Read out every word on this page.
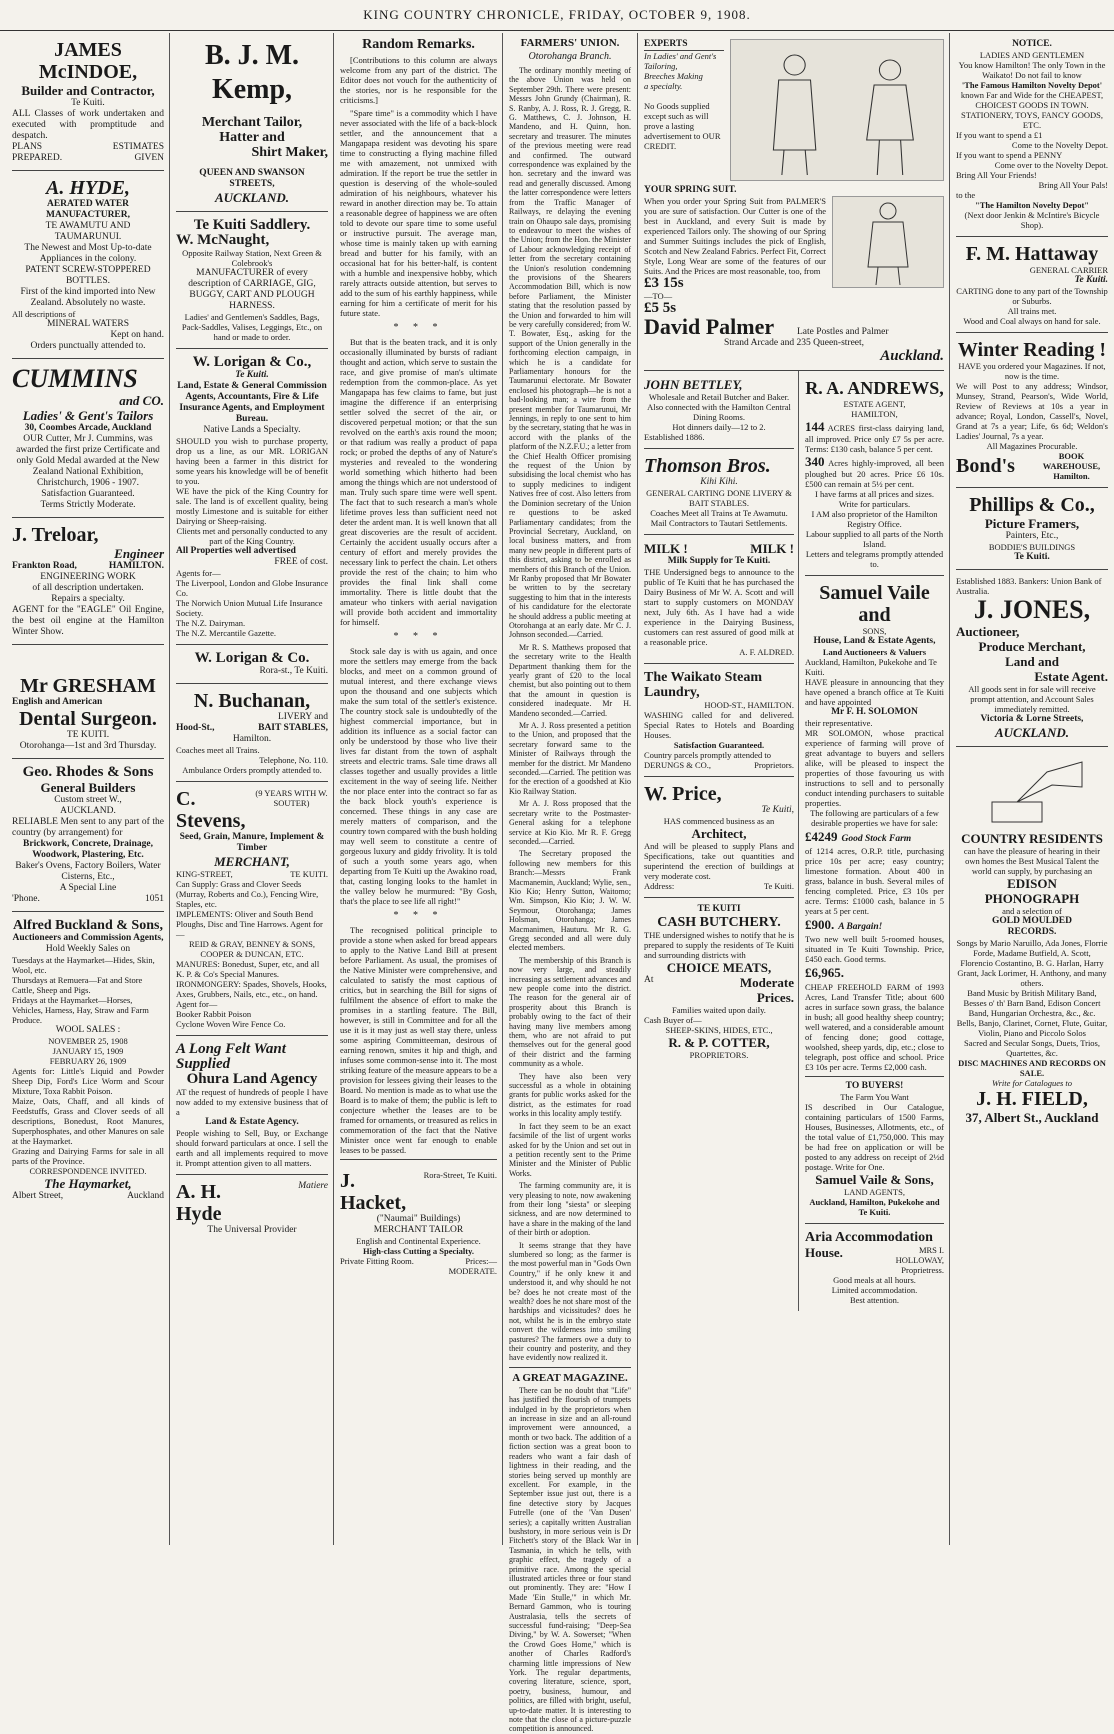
KING COUNTRY CHRONICLE, FRIDAY, OCTOBER 9, 1908.
JAMES McINDOE,
Builder and Contractor,
Te Kuiti.
ALL Classes of work undertaken and executed with promptitude and despatch.
PLANS PREPARED.
ESTIMATES GIVEN
A. HYDE,
AERATED WATER MANUFACTURER,
TE AWAMUTU AND TAUMARUNUI.
The Newest and Most Up-to-date Appliances in the colony.
PATENT SCREW-STOPPERED BOTTLES.
First of the kind imported into New Zealand. Absolutely no waste.
All descriptions of
MINERAL WATERS
Kept on hand.
Orders punctually attended to.
CUMMINS
and CO.
Ladies' & Gent's Tailors
30, Coombes Arcade, Auckland
OUR Cutter, Mr J. Cummins, was awarded the first prize Certificate and only Gold Medal awarded at the New Zealand National Exhibition, Christchurch, 1906 - 1907.
Satisfaction Guaranteed.
Terms Strictly Moderate.
J. Treloar,
Engineer
Frankton Road,	HAMILTON.
ENGINEERING WORK
of all description undertaken.
Repairs a specialty.
AGENT for the "EAGLE" Oil Engine, the best oil engine at the Hamilton Winter Show.
Mr GRESHAM
English and American
Dental Surgeon.
TE KUITI.
Otorohanga—1st and 3rd Thursday.
Geo. Rhodes & Sons
General Builders
Custom street W.,
AUCKLAND.
RELIABLE Men sent to any part of the country (by arrangement) for
Brickwork, Concrete, Drainage, Woodwork, Plastering, Etc.
Baker's Ovens, Factory Boilers, Water Cisterns, Etc.,
A Special Line
'Phone.	1051
Alfred Buckland & Sons,
Auctioneers and Commission Agents,
Hold Weekly Sales on
Tuesdays at the Haymarket—Hides, Skin, Wool, etc.
Thursdays at Remuera—Fat and Store Cattle, Sheep and Pigs.
Fridays at the Haymarket—Horses, Vehicles, Harness, Hay, Straw and Farm Produce.
WOOL SALES :
NOVEMBER 25, 1908
JANUARY 15, 1909
FEBRUARY 26, 1909
Agents for: Little's Liquid and Powder Sheep Dip, Ford's Lice Worm and Scour Mixture, Toxa Rabbit Poison.
Maize, Oats, Chaff, and all kinds of Feedstuffs, Grass and Clover seeds of all descriptions, Bonedust, Root Manures, Superphosphates, and other Manures on sale at the Haymarket.
Grazing and Dairying Farms for sale in all parts of the Province.
CORRESPONDENCE INVITED.
The Haymarket,
Albert Street,	Auckland
B. J. M. Kemp,
Merchant Tailor,
Hatter and
Shirt Maker,
QUEEN AND SWANSON STREETS,
AUCKLAND.
Te Kuiti Saddlery.
W. McNaught,
Opposite Railway Station, Next Green & Colebrook's
MANUFACTURER of every description of CARRIAGE, GIG, BUGGY, CART AND PLOUGH HARNESS.
Ladies' and Gentlemen's Saddles, Bags, Pack-Saddles, Valises, Leggings, Etc., on hand or made to order.
W. Lorigan & Co.,
Te Kuiti.
Land, Estate & General Commission Agents, Accountants, Fire & Life Insurance Agents, and Employment Bureau.
Native Lands a Specialty.
SHOULD you wish to purchase property, drop us a line, as our MR. LORIGAN having been a farmer in this district for some years his knowledge will be of benefit to you.
WE have the pick of the King Country for sale. The land is of excellent quality, being mostly Limestone and is suitable for either Dairying or Sheep-raising.
Clients met and personally conducted to any part of the King Country.
All Properties well advertised
FREE of cost.
Agents for—
The Liverpool, London and Globe Insurance Co.
The Norwich Union Mutual Life Insurance Society.
The N.Z. Dairyman.
The N.Z. Mercantile Gazette.
W. Lorigan & Co.
Rora-st., Te Kuiti.
N. Buchanan,
LIVERY and
Hood-St.,	BAIT STABLES,
Hamilton.
Coaches meet all Trains.
Telephone, No. 110.
Ambulance Orders promptly attended to.
C. Stevens,
(9 YEARS WITH W. SOUTER)
Seed, Grain, Manure, Implement & Timber
MERCHANT,
KING-STREET,	TE KUITI.
Can Supply: Grass and Clover Seeds (Murray, Roberts and Co.), Fencing Wire, Staples, etc.
IMPLEMENTS: Oliver and South Bend Ploughs, Disc and Tine Harrows. Agent for—
REID & GRAY, BENNEY & SONS, COOPER & DUNCAN, ETC.
MANURES: Bonedust, Super, etc, and all K. P. & Co's Special Manures.
IRONMONGERY: Spades, Shovels, Hooks, Axes, Grubbers, Nails, etc., etc., on hand.
Agent for—
Booker Rabbit Poison
Cyclone Woven Wire Fence Co.
A Long Felt Want
Supplied
Ohura Land Agency
AT the request of hundreds of people I have now added to my extensive business that of a
Land & Estate Agency.
People wishing to Sell, Buy, or Exchange should forward particulars at once. I sell the earth and all implements required to move it. Prompt attention given to all matters.
A. H. Hyde
Matiere
The Universal Provider
Random Remarks.
[Contributions to this column are always welcome from any part of the district. The Editor does not vouch for the authenticity of the stories, nor is he responsible for the criticisms.]
"Spare time" is a commodity which I have never associated with the life of a back-block settler, and the announcement that a Mangapapa resident was devoting his spare time to constructing a flying machine filled me with amazement, not unmixed with admiration. If the report be true the settler in question is deserving of the whole-souled admiration of his neighbours, whatever his reward in another direction may be. To attain a reasonable degree of happiness we are often told to devote our spare time to some useful or instructive pursuit. The average man, whose time is mainly taken up with earning bread and butter for his family, with an occasional hat for his better-half, is content with a humble and inexpensive hobby, which rarely attracts outside attention, but serves to add to the sum of his earthly happiness, while earning for him a certificate of merit for his future state.
* * *
But that is the beaten track, and it is only occasionally illuminated by bursts of radiant thought and action, which serve to sustain the race, and give promise of man's ultimate redemption from the common-place. As yet Mangapapa has few claims to fame, but just imagine the difference if an enterprising settler solved the secret of the air, or discovered perpetual motion; or that the sun revolved on the earth's axis round the moon; or that radium was really a product of papa rock; or probed the depths of any of Nature's mysteries and revealed to the wondering world something which hitherto had been among the things which are not understood of man. Truly such spare time were well spent. The fact that to such research a man's whole lifetime proves less than sufficient need not deter the ardent man. It is well known that all great discoveries are the result of accident. Certainly the accident usually occurs after a century of effort and merely provides the necessary link to perfect the chain. Let others provide the rest of the chain; to him who provides the final link shall come immortality. There is little doubt that the amateur who tinkers with aerial navigation will provide both accident and immortality for himself.
* * *
Stock sale day is with us again, and once more the settlers may emerge from the back blocks, and meet on a common ground of mutual interest, and there exchange views upon the thousand and one subjects which make the sum total of the settler's existence. The country stock sale is undoubtedly of the highest commercial importance, but in addition its influence as a social factor can only be understood by those who live their lives far distant from the town of asphalt streets and electric trams. Sale time draws all classes together and usually provides a little excitement in the way of seeing life. Neither the nor place enter into the contract so far as the back block youth's experience is concerned. These things in any case are merely matters of comparison, and the country town compared with the bush holding may well seem to constitute a centre of gorgeous luxury and giddy frivolity. It is told of such a youth some years ago, when departing from Te Kuiti up the Awakino road, that, casting longing looks to the hamlet in the valley below he murmured: "By Gosh, that's the place to see life all right!"
* * *
The recognised political principle to provide a stone when asked for bread appears to apply to the Native Land Bill at present before Parliament. As usual, the promises of the Native Minister were comprehensive, and calculated to satisfy the most captious of critics, but in searching the Bill for signs of fulfilment the absence of effort to make the promises in a startling feature. The Bill, however, is still in Committee and for all the use it is it may just as well stay there, unless some aspiring Committeeman, desirous of earning renown, smites it hip and thigh, and infuses some common-sense into it. The most striking feature of the measure appears to be a provision for lessees giving their leases to the Board. No mention is made as to what use the Board is to make of them; the public is left to conjecture whether the leases are to be framed for ornaments, or treasured as relics in commemoration of the fact that the Native Minister once went far enough to enable leases to be passed.
J. Hacket,
Rora-Street, Te Kuiti.
("Naumai" Buildings)
MERCHANT TAILOR
English and Continental Experience.
High-class Cutting a Specialty.
Private Fitting Room.	Prices:—MODERATE.
FARMERS' UNION.
Otorohanga Branch.
The ordinary monthly meeting of the above Union was held on September 29th. There were present: Messrs John Grundy (Chairman), R. S. Ranby, A. J. Ross, R. J. Gregg, R. G. Matthews, C. J. Johnson, H. Mandeno, and H. Quinn, hon. secretary and treasurer. The minutes of the previous meeting were read and confirmed. The outward correspondence was explained by the hon. secretary and the inward was read and generally discussed. Among the latter correspondence were letters from the Traffic Manager of Railways, re delaying the evening train on Ohaupo sale days, promising to endeavour to meet the wishes of the Union; from the Hon. the Minister of Labour acknowledging receipt of letter from the secretary containing the Union's resolution condemning the provisions of the Shearers Accommodation Bill, which is now before Parliament, the Minister stating that the resolution passed by the Union and forwarded to him will be very carefully considered; from W. T. Bowater, Esq., asking for the support of the Union generally in the forthcoming election campaign, in which he is a candidate for Parliamentary honours for the Taumarunui electorate. Mr Bowater enclosed his photograph—he is not a bad-looking man; a wire from the present member for Taumarunui, Mr Jennings, in reply to one sent to him by the secretary, stating that he was in accord with the planks of the platform of the N.Z.F.U.; a letter from the Chief Health Officer promising the request of the Union by subsidising the local chemist who has to supply medicines to indigent Natives free of cost. Also letters from the Dominion secretary of the Union re questions to be asked Parliamentary candidates; from the Provincial Secretary, Auckland, on local business matters, and from many new people in different parts of this district, asking to be enrolled as members of this Branch of the Union. Mr Ranby proposed that Mr Bowater be written to by the secretary suggesting to him that in the interests of his candidature for the electorate he should address a public meeting at Otorohanga at an early date. Mr C. J. Johnson seconded.—Carried.
Mr R. S. Matthews proposed that the secretary write to the Health Department thanking them for the yearly grant of £20 to the local chemist, but also pointing out to them that the amount in question is considered inadequate. Mr H. Mandeno seconded.—Carried.
Mr A. J. Ross presented a petition to the Union, and proposed that the secretary forward same to the Minister of Railways through the member for the district. Mr Mandeno seconded.—Carried. The petition was for the erection of a goodshed at Kio Kio Railway Station.
Mr A. J. Ross proposed that the secretary write to the Postmaster-General asking for a telephone service at Kio Kio. Mr R. F. Gregg seconded.—Carried.
The Secretary proposed the following new members for this Branch:—Messrs Frank Macmanemin, Auckland; Wylie, sen., Kio Kio; Henry Sutton, Waitomo; Wm. Simpson, Kio Kio; J. W. W. Seymour, Otorohanga; James Holsman, Otorohanga; James Macmanimen, Hauturu. Mr R. G. Gregg seconded and all were duly elected members.
The membership of this Branch is now very large, and steadily increasing as settlement advances and new people come into the district. The reason for the general air of prosperity about this Branch is probably owing to the fact of their having many live members among them, who are not afraid to put themselves out for the general good of their district and the farming community as a whole.
They have also been very successful as a whole in obtaining grants for public works asked for the district, as the estimates for road works in this locality amply testify.
In fact they seem to be an exact facsimile of the list of urgent works asked for by the Union and set out in a petition recently sent to the Prime Minister and the Minister of Public Works.
The farming community are, it is very pleasing to note, now awakening from their long "siesta" or sleeping sickness, and are now determined to have a share in the making of the land of their birth or adoption.
It seems strange that they have slumbered so long; as the farmer is the most powerful man in "Gods Own Country," if he only knew it and understood it, and why should he not be? does he not create most of the wealth? does he not share most of the hardships and vicissitudes? does he not, whilst he is in the embryo state convert the wilderness into smiling pastures? The farmers owe a duty to their country and posterity, and they have evidently now realized it.
A GREAT MAGAZINE.
There can be no doubt that "Life" has justified the flourish of trumpets indulged in by the proprietors when an increase in size and an all-round improvement were announced, a month or two back. The addition of a fiction section was a great boon to readers who want a fair dash of lightness in their reading, and the stories being served up monthly are excellent. For example, in the September issue just out, there is a fine detective story by Jacques Futrelle (one of the 'Van Dusen' series); a capitally written Australian bushstory, in more serious vein is Dr Fitchett's story of the Black War in Tasmania, in which he tells, with graphic effect, the tragedy of a primitive race. Among the special illustrated articles three or four stand out prominently. They are: "How I Made 'Ein Stulle,'" in which Mr. Bernard Gammon, who is touring Australasia, tells the secrets of successful fund-raising; "Deep-Sea Diving," by W. A. Sowerset; "When the Crowd Goes Home," which is another of Charles Radford's charming little impressions of New York. The regular departments, covering literature, science, sport, poetry, business, humour, and politics, are filled with bright, useful, up-to-date matter. It is interesting to note that the close of a picture-puzzle competition is announced.
EXPERTS
In Ladies' and Gent's
Tailoring,
Breeches Making
a specialty.
No Goods supplied except such as will prove a lasting advertisement to OUR CREDIT.
YOUR SPRING SUIT.
When you order your Spring Suit from PALMER'S you are sure of satisfaction. Our Cutter is one of the best in Auckland, and every Suit is made by experienced Tailors only. The showing of our Spring and Summer Suitings includes the pick of English, Scotch and New Zealand Fabrics. Perfect Fit, Correct Style, Long Wear are some of the features of our Suits. And the Prices are most reasonable, too, from
£3 15s
—TO—
£5 5s
David Palmer	Late Postles and Palmer
Strand Arcade and 235 Queen-street,
Auckland.
JOHN BETTLEY,
Wholesale and Retail Butcher and Baker.
Also connected with the Hamilton Central Dining Rooms.
Hot dinners daily—12 to 2.
Established 1886.
Thomson Bros.
Kihi Kihi.
GENERAL CARTING DONE LIVERY & BAIT STABLES.
Coaches Meet all Trains at Te Awamutu.
Mail Contractors to Tautari Settlements.
MILK !	MILK !
Milk Supply for Te Kuiti.
THE Undersigned begs to announce to the public of Te Kuiti that he has purchased the Dairy Business of Mr W. A. Scott and will start to supply customers on MONDAY next, July 6th. As I have had a wide experience in the Dairying Business, customers can rest assured of good milk at a reasonable price.
A. F. ALDRED.
The Waikato Steam Laundry,
HOOD-ST., HAMILTON.
WASHING called for and delivered. Special Rates to Hotels and Boarding Houses.
Satisfaction Guaranteed.
Country parcels promptly attended to
DERUNGS & CO.,	Proprietors.
W. Price,
Te Kuiti,
HAS commenced business as an
Architect,
And will be pleased to supply Plans and Specifications, take out quantities and superintend the erection of buildings at very moderate cost.
Address:	Te Kuiti.
TE KUITI
CASH BUTCHERY.
THE undersigned wishes to notify that he is prepared to supply the residents of Te Kuiti and surrounding districts with
CHOICE MEATS,
At	Moderate Prices.
Families waited upon daily.
Cash Buyer of—
SHEEP-SKINS, HIDES, ETC.,
R. & P. COTTER,
PROPRIETORS.
R. A. ANDREWS,
ESTATE AGENT,
HAMILTON,
144 ACRES first-class dairying land, all improved. Price only £7 5s per acre. Terms: £130 cash, balance 5 per cent.
340 Acres highly-improved, all been ploughed but 20 acres. Price £6 10s. £500 can remain at 5½ per cent.
I have farms at all prices and sizes. Write for particulars.
I AM also proprietor of the Hamilton Registry Office.
Labour supplied to all parts of the North Island.
Letters and telegrams promptly attended to.
Samuel Vaile and
SONS,
House, Land & Estate Agents,
Land Auctioneers & Valuers
Auckland, Hamilton, Pukekohe and Te Kuiti.
HAVE pleasure in announcing that they have opened a branch office at Te Kuiti and have appointed
Mr F. H. SOLOMON
their representative.
MR SOLOMON, whose practical experience of farming will prove of great advantage to buyers and sellers alike, will be pleased to inspect the properties of those favouring us with instructions to sell and to personally conduct intending purchasers to suitable properties.
The following are particulars of a few desirable properties we have for sale:
£4249 Good Stock Farm
of 1214 acres, O.R.P. title, purchasing price 10s per acre; easy country; limestone formation. About 400 in grass, balance in bush. Several miles of fencing completed. Price, £3 10s per acre. Terms: £1000 cash, balance in 5 years at 5 per cent.
£900. A Bargain!
Two new well built 5-roomed houses, situated in Te Kuiti Township. Price, £450 each. Good terms.
£6,965.
CHEAP FREEHOLD FARM of 1993 Acres, Land Transfer Title; about 600 acres in surface sown grass, the balance in bush; all good healthy sheep country; well watered, and a considerable amount of fencing done; good cottage, woolshed, sheep yards, dip, etc.; close to telegraph, post office and school. Price £3 10s per acre. Terms £2,000 cash.
TO BUYERS!
The Farm You Want
IS described in Our Catalogue, containing particulars of 1500 Farms, Houses, Businesses, Allotments, etc., of the total value of £1,750,000. This may be had free on application or will be posted to any address on receipt of 2½d postage. Write for One.
Samuel Vaile & Sons,
LAND AGENTS,
Auckland, Hamilton, Pukekohe and Te Kuiti.
Aria Accommodation
House.	MRS I. HOLLOWAY,
Proprietress.
Good meals at all hours.
Limited accommodation.
Best attention.
NOTICE.
LADIES AND GENTLEMEN
You know Hamilton! The only Town in the Waikato! Do not fail to know
'The Famous Hamilton Novelty Depot'
known Far and Wide for the CHEAPEST, CHOICEST GOODS IN TOWN.
STATIONERY, TOYS, FANCY GOODS, ETC.
If you want to spend a £1
Come to the Novelty Depot.
If you want to spend a PENNY
Come over to the Novelty Depot.
Bring All Your Friends!
Bring All Your Pals!
to the
"The Hamilton Novelty Depot"
(Next door Jenkin & McIntire's Bicycle Shop).
F. M. Hattaway
GENERAL CARRIER
Te Kuiti.
CARTING done to any part of the Township or Suburbs.
All trains met.
Wood and Coal always on hand for sale.
Winter Reading !
HAVE you ordered your Magazines. If not, now is the time.
We will Post to any address; Windsor, Munsey, Strand, Pearson's, Wide World, Review of Reviews at 10s a year in advance; Royal, London, Cassell's, Novel, Grand at 7s a year; Life, 6s 6d; Weldon's Ladies' Journal, 7s a year.
All Magazines Procurable.
Bond's	BOOK WAREHOUSE,
Hamilton.
Phillips & Co.,
Picture Framers,
Painters, Etc.,
BODDIE'S BUILDINGS
Te Kuiti.
Established 1883. Bankers: Union Bank of Australia.
J. JONES,
Auctioneer,
Produce Merchant,
Land and
Estate Agent.
All goods sent in for sale will receive prompt attention, and Account Sales immediately remitted.
Victoria & Lorne Streets,
AUCKLAND.
COUNTRY RESIDENTS
can have the pleasure of hearing in their own homes the Best Musical Talent the world can supply, by purchasing an
EDISON
PHONOGRAPH
and a selection of
GOLD MOULDED
RECORDS.
Songs by Mario Naruillo, Ada Jones, Florrie Forde, Madame Butfield, A. Scott, Florencio Costantino, B. G. Harlan, Harry Grant, Jack Lorimer, H. Anthony, and many others.
Band Music by British Military Band, Besses o' th' Barn Band, Edison Concert Band, Hungarian Orchestra, &c., &c.
Bells, Banjo, Clarinet, Cornet, Flute, Guitar, Violin, Piano and Piccolo Solos
Sacred and Secular Songs, Duets, Trios, Quartettes, &c.
DISC MACHINES AND RECORDS ON SALE.
Write for Catalogues to
J. H. FIELD,
37, Albert St., Auckland
